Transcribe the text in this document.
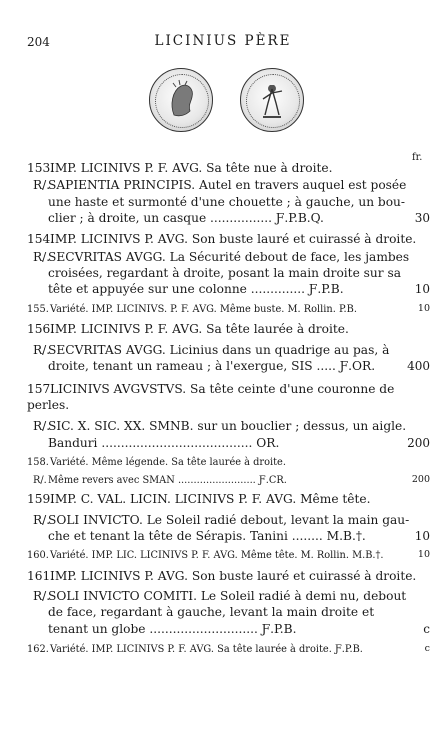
204	LICINIUS PÈRE
fr.
153.
IMP. LICINIVS P. F. AVG. Sa tête nue à droite.
R/.
SAPIENTIA PRINCIPIS. Autel en travers auquel est posée
une haste et surmonté d'une chouette ; à gauche, un bou-
clier ; à droite, un casque ................ Ƒ.P.B.Q.	30
154.
IMP. LICINIVS P. AVG. Son buste lauré et cuirassé à droite.
R/.
SECVRITAS AVGG. La Sécurité debout de face, les jambes
croisées, regardant à droite, posant la main droite sur sa
tête et appuyée sur une colonne .............. Ƒ.P.B.	10
155. Variété. IMP. LICINIVS. P. F. AVG. Même buste. M. Rollin. P.B.	10
156.
IMP. LICINIVS P. F. AVG. Sa tête laurée à droite.
R/.
SECVRITAS AVGG. Licinius dans un quadrige au pas, à
droite, tenant un rameau ; à l'exergue, SIS ..... Ƒ.OR.	400
157.
LICINIVS AVGVSTVS. Sa tête ceinte d'une couronne de
perles.
R/.
SIC. X. SIC. XX. SMNB. sur un bouclier ; dessus, un aigle.
Banduri ....................................... OR.	200
158. Variété. Même légende. Sa tête laurée à droite.
R/. Même revers avec SMAN ......................... Ƒ.CR.	200
159.
IMP. C. VAL. LICIN. LICINIVS P. F. AVG. Même tête.
R/.
SOLI INVICTO. Le Soleil radié debout, levant la main gau-
che et tenant la tête de Sérapis. Tanini ........ M.B.†.	10
160. Variété. IMP. LIC. LICINIVS P. F. AVG. Même tête. M. Rollin. M.B.†.	10
161.
IMP. LICINIVS P. AVG. Son buste lauré et cuirassé à droite.
R/.
SOLI INVICTO COMITI. Le Soleil radié à demi nu, debout
de face, regardant à gauche, levant la main droite et
tenant un globe ............................ Ƒ.P.B.	c
162. Variété. IMP. LICINIVS P. F. AVG. Sa tête laurée à droite. Ƒ.P.B.	c
